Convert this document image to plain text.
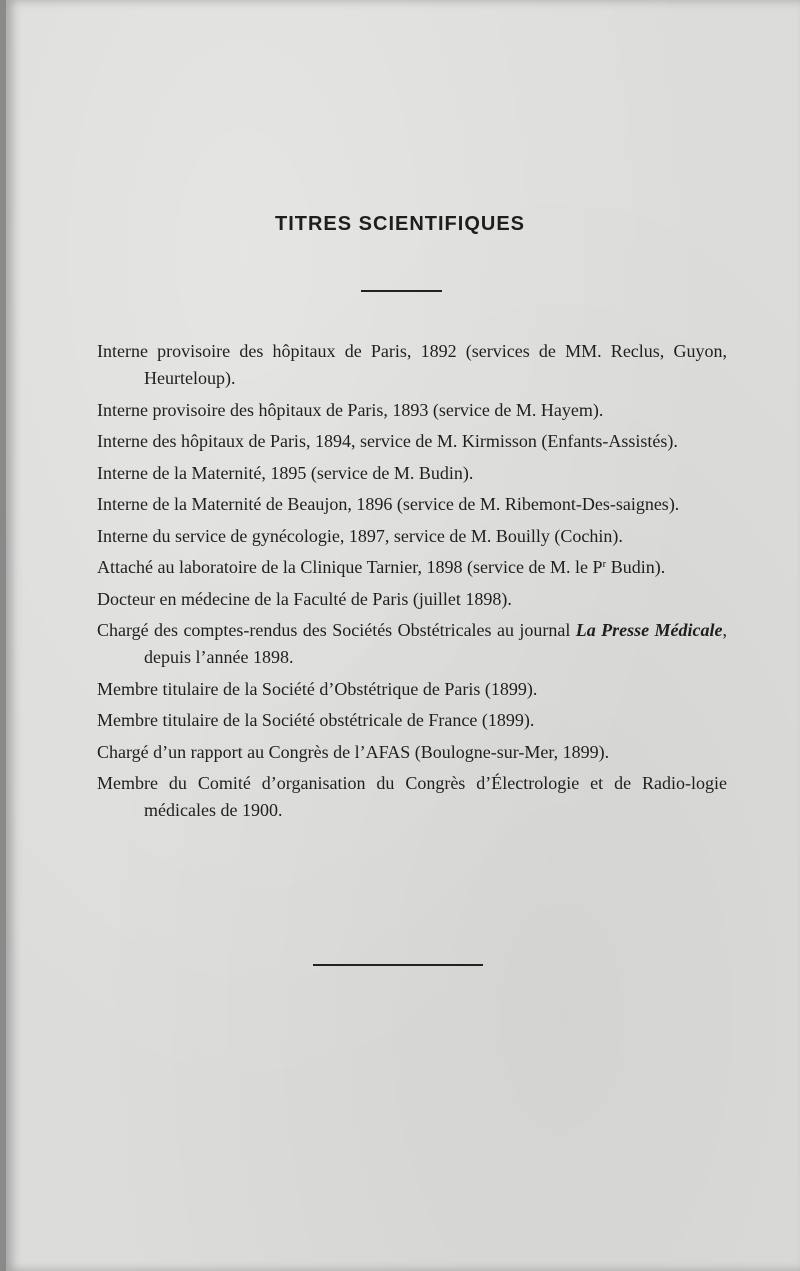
TITRES SCIENTIFIQUES
Interne provisoire des hôpitaux de Paris, 1892 (services de MM. Reclus, Guyon, Heurteloup).
Interne provisoire des hôpitaux de Paris, 1893 (service de M. Hayem).
Interne des hôpitaux de Paris, 1894, service de M. Kirmisson (Enfants-Assistés).
Interne de la Maternité, 1895 (service de M. Budin).
Interne de la Maternité de Beaujon, 1896 (service de M. Ribemont-Des-saignes).
Interne du service de gynécologie, 1897, service de M. Bouilly (Cochin).
Attaché au laboratoire de la Clinique Tarnier, 1898 (service de M. le $P^r$ Budin).
Docteur en médecine de la Faculté de Paris (juillet 1898).
Chargé des comptes-rendus des Sociétés Obstétricales au journal La Presse Médicale, depuis l’année 1898.
Membre titulaire de la Société d’Obstétrique de Paris (1899).
Membre titulaire de la Société obstétricale de France (1899).
Chargé d’un rapport au Congrès de l’AFAS (Boulogne-sur-Mer, 1899).
Membre du Comité d’organisation du Congrès d’Électrologie et de Radio-logie médicales de 1900.
